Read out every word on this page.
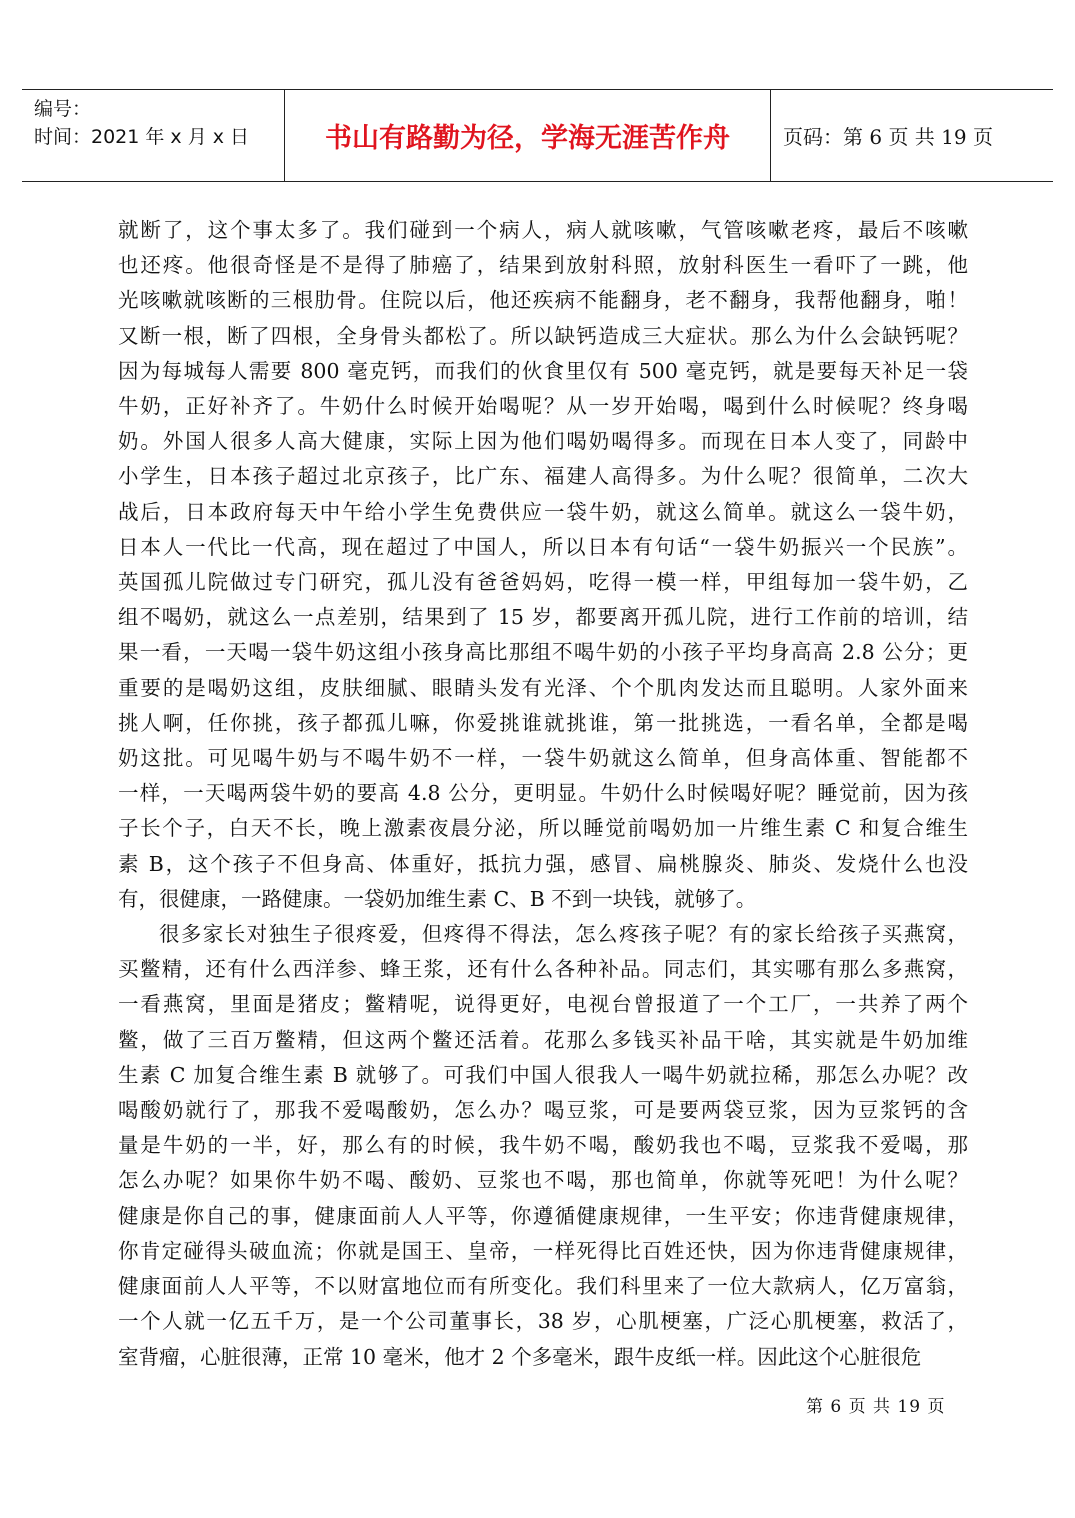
编号：
时间：2021 年 x 月 x 日	书山有路勤为径，学海无涯苦作舟	页码：第 6 页 共 19 页

就断了，这个事太多了。我们碰到一个病人，病人就咳嗽，气管咳嗽老疼，最后不咳嗽
也还疼。他很奇怪是不是得了肺癌了，结果到放射科照，放射科医生一看吓了一跳，他
光咳嗽就咳断的三根肋骨。住院以后，他还疾病不能翻身，老不翻身，我帮他翻身，啪！
又断一根，断了四根，全身骨头都松了。所以缺钙造成三大症状。那么为什么会缺钙呢？
因为每城每人需要 800 毫克钙，而我们的伙食里仅有 500 毫克钙，就是要每天补足一袋
牛奶，正好补齐了。牛奶什么时候开始喝呢？从一岁开始喝，喝到什么时候呢？终身喝
奶。外国人很多人高大健康，实际上因为他们喝奶喝得多。而现在日本人变了，同龄中
小学生，日本孩子超过北京孩子，比广东、福建人高得多。为什么呢？很简单，二次大
战后，日本政府每天中午给小学生免费供应一袋牛奶，就这么简单。就这么一袋牛奶，
日本人一代比一代高，现在超过了中国人，所以日本有句话“一袋牛奶振兴一个民族”。
英国孤儿院做过专门研究，孤儿没有爸爸妈妈，吃得一模一样，甲组每加一袋牛奶，乙
组不喝奶，就这么一点差别，结果到了 15 岁，都要离开孤儿院，进行工作前的培训，结
果一看，一天喝一袋牛奶这组小孩身高比那组不喝牛奶的小孩子平均身高高 2.8 公分；更
重要的是喝奶这组，皮肤细腻、眼睛头发有光泽、个个肌肉发达而且聪明。人家外面来
挑人啊，任你挑，孩子都孤儿嘛，你爱挑谁就挑谁，第一批挑选，一看名单，全都是喝
奶这批。可见喝牛奶与不喝牛奶不一样，一袋牛奶就这么简单，但身高体重、智能都不
一样，一天喝两袋牛奶的要高 4.8 公分，更明显。牛奶什么时候喝好呢？睡觉前，因为孩
子长个子，白天不长，晚上激素夜晨分泌，所以睡觉前喝奶加一片维生素 C 和复合维生
素 B，这个孩子不但身高、体重好，抵抗力强，感冒、扁桃腺炎、肺炎、发烧什么也没
有，很健康，一路健康。一袋奶加维生素 C、B 不到一块钱，就够了。

很多家长对独生子很疼爱，但疼得不得法，怎么疼孩子呢？有的家长给孩子买燕窝，
买鳖精，还有什么西洋参、蜂王浆，还有什么各种补品。同志们，其实哪有那么多燕窝，
一看燕窝，里面是猪皮；鳖精呢，说得更好，电视台曾报道了一个工厂，一共养了两个
鳖，做了三百万鳖精，但这两个鳖还活着。花那么多钱买补品干啥，其实就是牛奶加维
生素 C 加复合维生素 B 就够了。可我们中国人很我人一喝牛奶就拉稀，那怎么办呢？改
喝酸奶就行了，那我不爱喝酸奶，怎么办？喝豆浆，可是要两袋豆浆，因为豆浆钙的含
量是牛奶的一半，好，那么有的时候，我牛奶不喝，酸奶我也不喝，豆浆我不爱喝，那
怎么办呢？如果你牛奶不喝、酸奶、豆浆也不喝，那也简单，你就等死吧！为什么呢？
健康是你自己的事，健康面前人人平等，你遵循健康规律，一生平安；你违背健康规律，
你肯定碰得头破血流；你就是国王、皇帝，一样死得比百姓还快，因为你违背健康规律，
健康面前人人平等，不以财富地位而有所变化。我们科里来了一位大款病人，亿万富翁，
一个人就一亿五千万，是一个公司董事长，38 岁，心肌梗塞，广泛心肌梗塞，救活了，
室背瘤，心脏很薄，正常 10 毫米，他才 2 个多毫米，跟牛皮纸一样。因此这个心脏很危

第 6 页 共 19 页
